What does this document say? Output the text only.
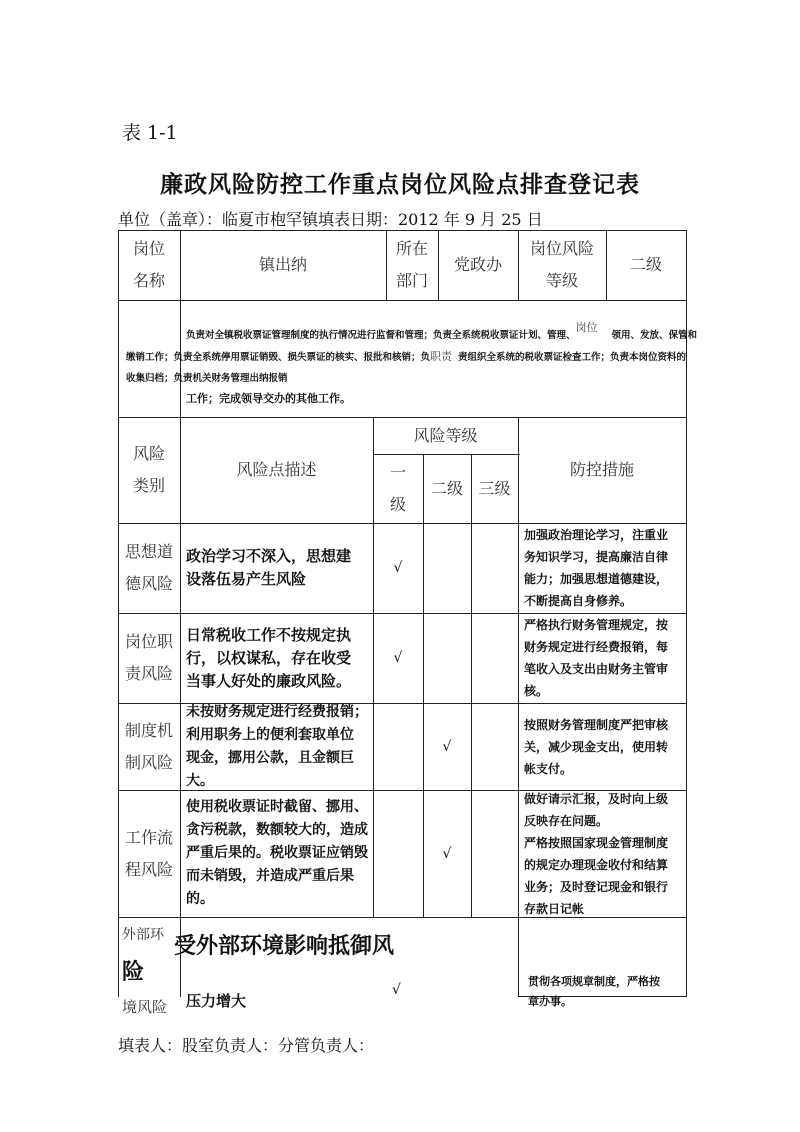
表 1-1
廉政风险防控工作重点岗位风险点排查登记表
单位（盖章）：临夏市枹罕镇填表日期：2012 年 9 月 25 日
岗位
名称
镇出纳
所在
部门
党政办
岗位风险
等级
二级
负责对全镇税收票证管理制度的执行情况进行监督和管理；负责全系统税收票证计划、管理、岗位领用、发放、保管和
缴销工作；负责全系统停用票证销毁、损失票证的核实、报批和核销；负职责 责组织全系统的税收票证检查工作；负责本岗位资料的
收集归档；负责机关财务管理出纳报销
工作；完成领导交办的其他工作。
风险
类别
风险点描述
风险等级
一
级
二级 三级
防控措施
思想道
德风险
政治学习不深入，思想建
设落伍易产生风险
√
加强政治理论学习，注重业
务知识学习，提高廉洁自律
能力；加强思想道德建设，
不断提高自身修养。
岗位职
责风险
日常税收工作不按规定执
行，以权谋私，存在收受
当事人好处的廉政风险。
√
严格执行财务管理规定，按
财务规定进行经费报销，每
笔收入及支出由财务主管审
核。
制度机
制风险
未按财务规定进行经费报销；
利用职务上的便利套取单位
现金，挪用公款，且金额巨大。
√
按照财务管理制度严把审核
关，减少现金支出，使用转
帐支付。
工作流
程风险
使用税收票证时截留、挪用、
贪污税款，数额较大的，造成
严重后果的。税收票证应销毁
而未销毁，并造成严重后果
的。
√
做好请示汇报，及时向上级
反映存在问题。
严格按照国家现金管理制度
的规定办理现金收付和结算
业务；及时登记现金和银行
存款日记帐
外部环
险
境风险
受外部环境影响抵御风
压力增大
√
贯彻各项规章制度，严格按
章办事。
填表人：股室负责人：分管负责人：
